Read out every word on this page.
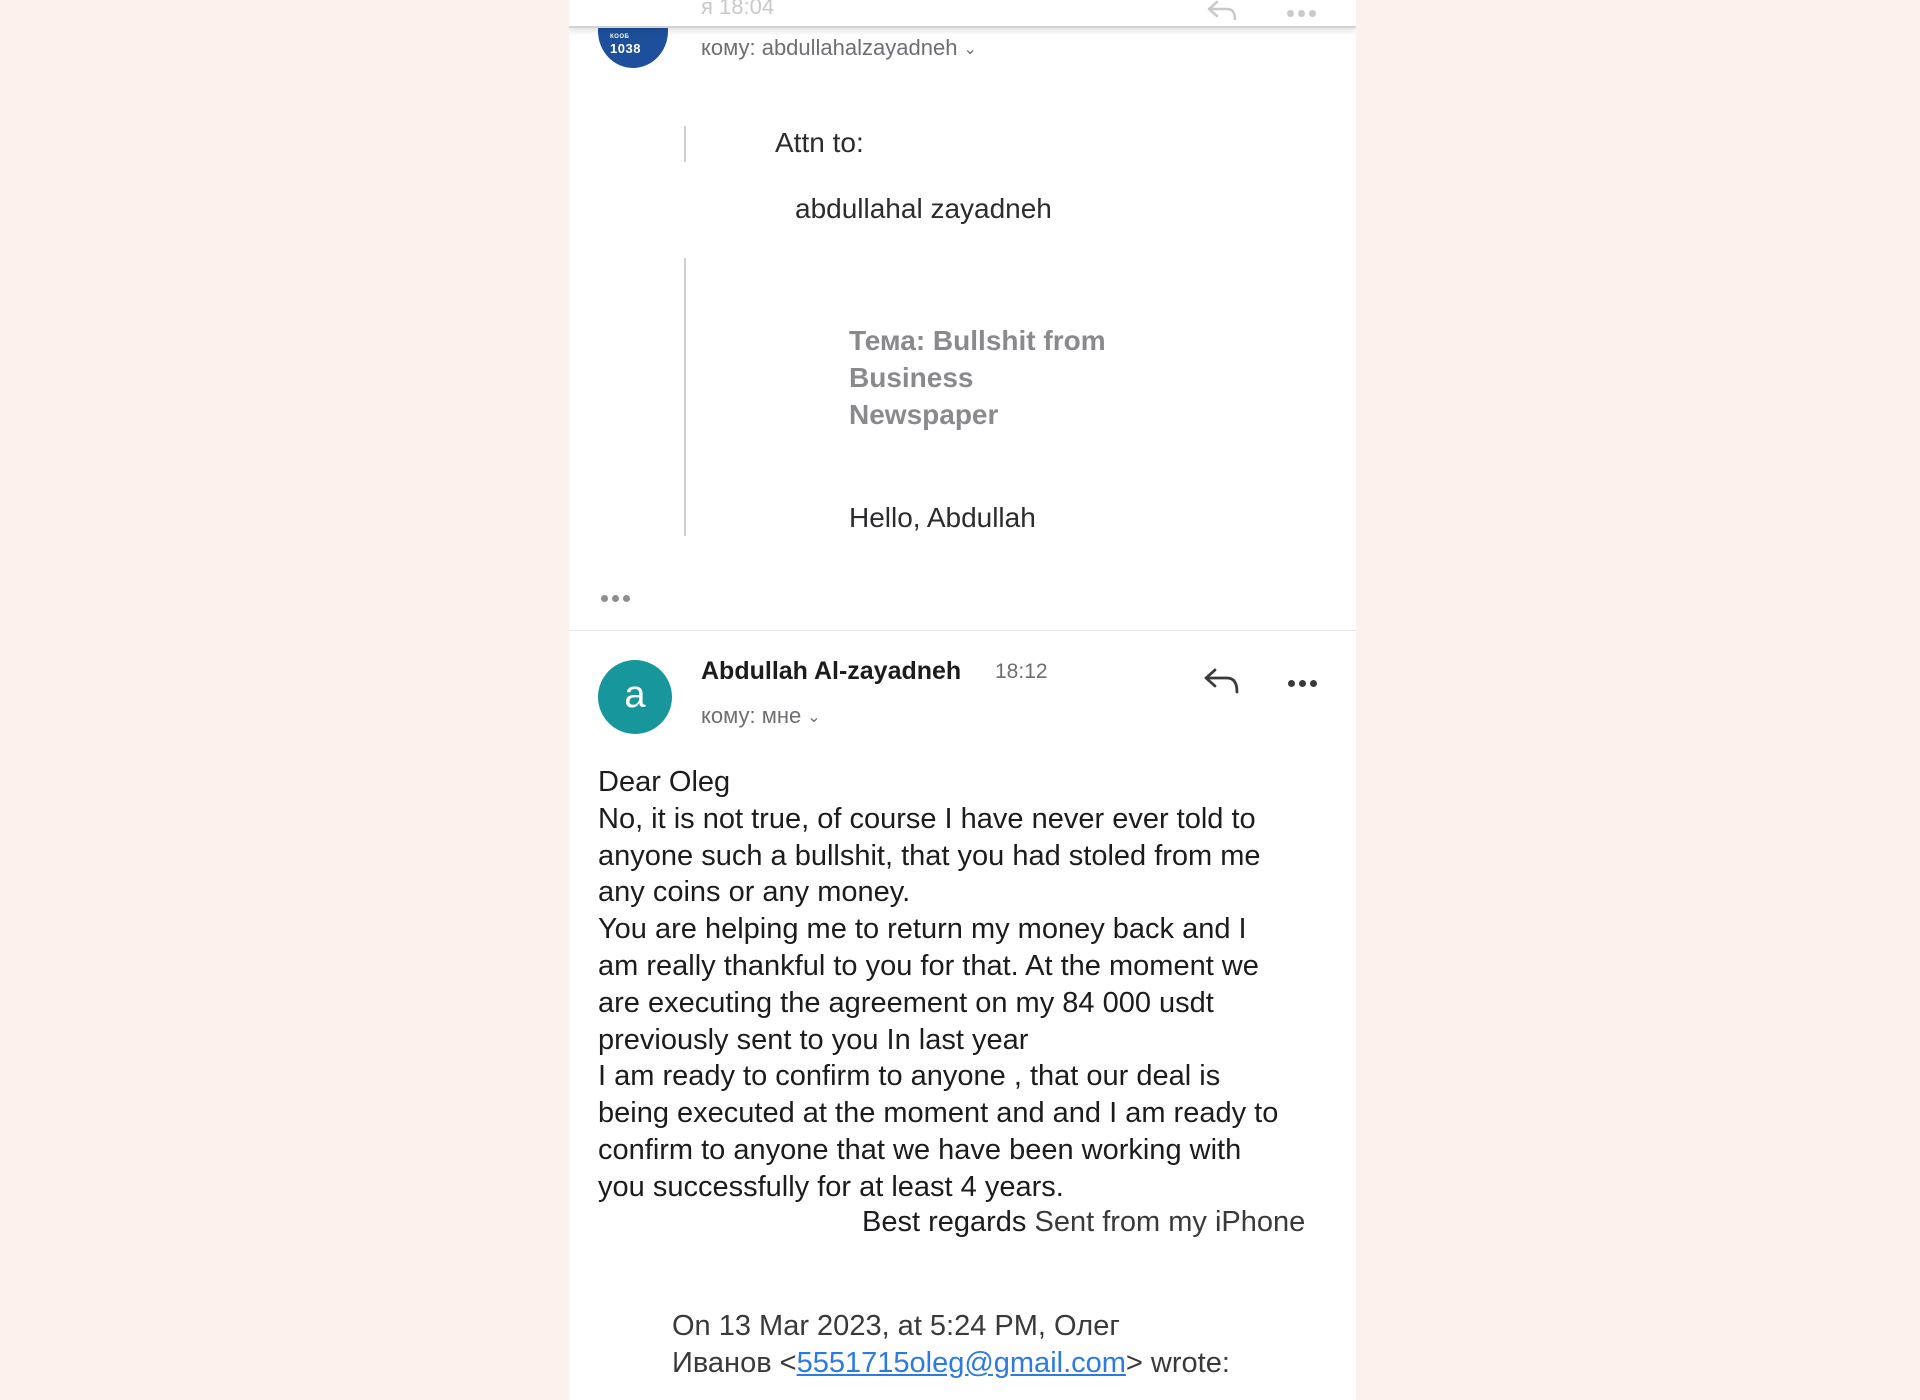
я 18:04
КООБ
1038	кому: abdullahalzayadneh ⌄
Attn to:
abdullahal zayadneh
Тема: Bullshit from Business Newspaper
Hello, Abdullah
a
Abdullah Al-zayadneh 18:12
кому: мне ⌄
Dear Oleg
No, it is not true, of course I have never ever told to
anyone such a bullshit, that you had stoled from me
any coins or any money.
You are helping me to return my money back and I
am really thankful to you for that. At the moment we
are executing the agreement on my 84 000 usdt
previously sent to you In last year
I am ready to confirm to anyone , that our deal is
being executed at the moment and and I am ready to
confirm to anyone that we have been working with
you successfully for at least 4 years.
Best regards Sent from my iPhone
On 13 Mar 2023, at 5:24 PM, Олег
Иванов <5551715oleg@gmail.com> wrote:
